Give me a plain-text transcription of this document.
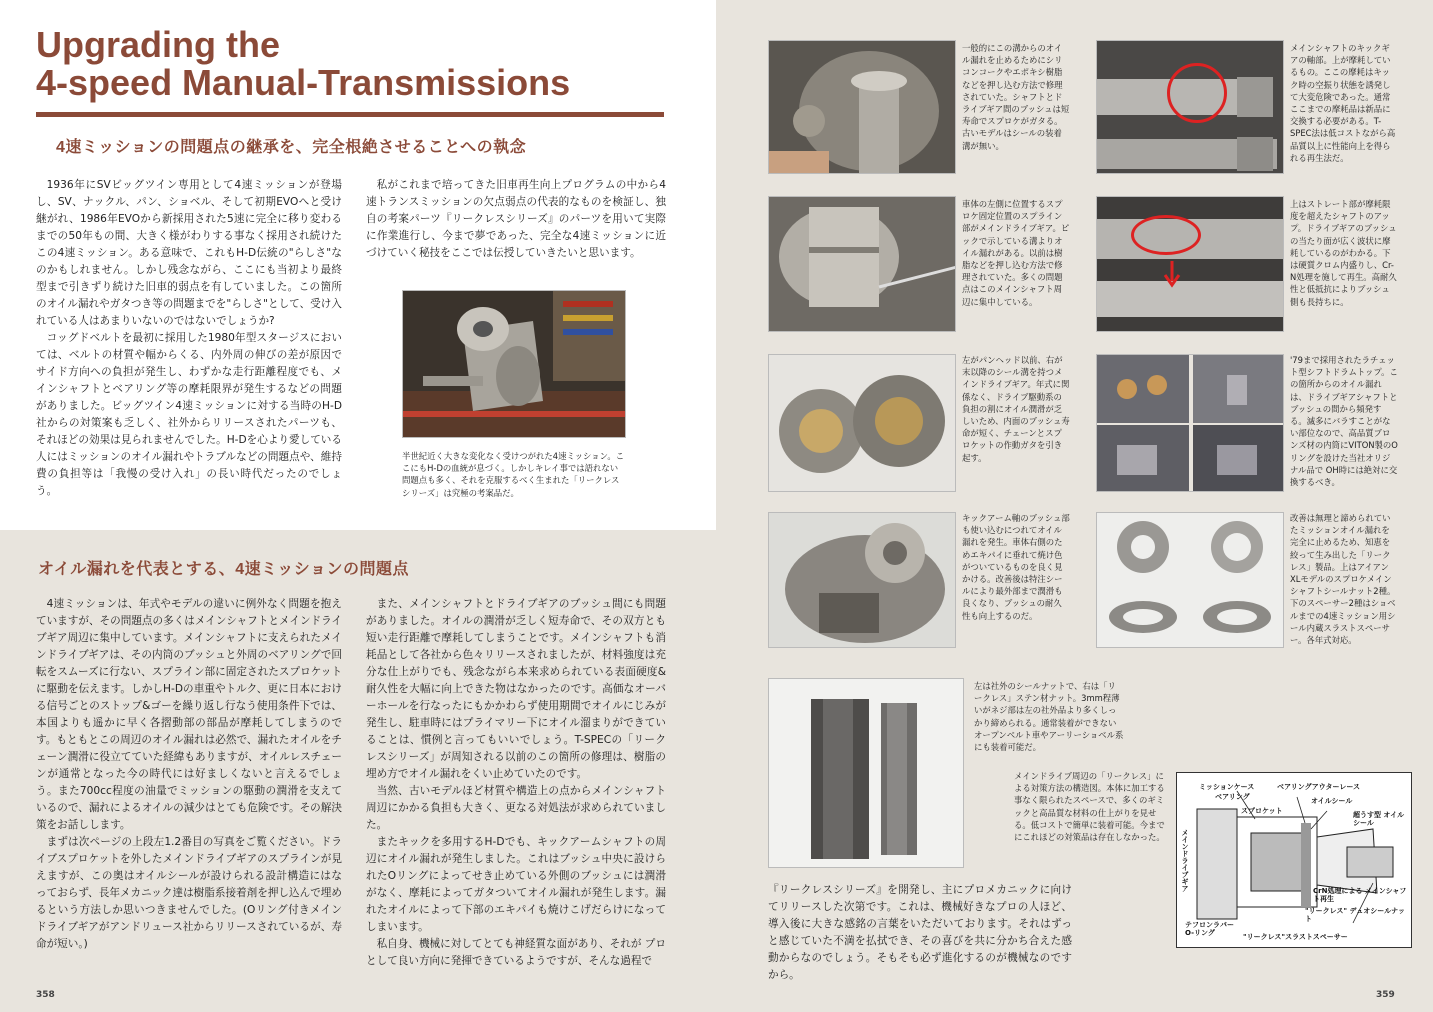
Upgrading the
4-speed Manual-Transmissions
4速ミッションの問題点の継承を、完全根絶させることへの執念

1936年にSVビッグツイン専用として4速ミッションが登場し、SV、ナックル、パン、ショベル、そして初期EVOへと受け継がれ、1986年EVOから新採用された5速に完全に移り変わるまでの50年もの間、大きく様がわりする事なく採用され続けたこの4速ミッション。ある意味で、これもH-D伝統の"らしさ"なのかもしれません。しかし残念ながら、ここにも当初より最終型まで引きずり続けた旧車的弱点を有していました。この箇所のオイル漏れやガタつき等の問題までを"らしさ"として、受け入れている人はあまりいないのではないでしょうか?

コッグドベルトを最初に採用した1980年型スタージスにおいては、ベルトの材質や幅からくる、内外周の伸びの差が原因でサイド方向への負担が発生し、わずかな走行距離程度でも、メインシャフトとベアリング等の摩耗限界が発生するなどの問題がありました。ビッグツイン4速ミッションに対する当時のH-D社からの対策案も乏しく、社外からリリースされたパーツも、それほどの効果は見られませんでした。H-Dを心より愛している人にはミッションのオイル漏れやトラブルなどの問題点や、維持費の負担等は「我慢の受け入れ」の長い時代だったのでしょう。

私がこれまで培ってきた旧車再生向上プログラムの中から4速トランスミッションの欠点弱点の代表的なものを検証し、独自の考案パーツ『リークレスシリーズ』のパーツを用いて実際に作業進行し、今まで夢であった、完全な4速ミッションに近づけていく秘技をここでは伝授していきたいと思います。

半世紀近く大きな変化なく受けつがれた4速ミッション。ここにもH-Dの血統が息づく。しかしキレイ事では語れない問題点も多く、それを克服するべく生まれた「リークレスシリーズ」は究極の考案品だ。
オイル漏れを代表とする、4速ミッションの問題点

4速ミッションは、年式やモデルの違いに例外なく問題を抱えていますが、その問題点の多くはメインシャフトとメインドライブギア周辺に集中しています。メインシャフトに支えられたメインドライブギアは、その内筒のブッシュと外周のベアリングで回転をスムーズに行ない、スプライン部に固定されたスプロケットに駆動を伝えます。しかしH-Dの車重やトルク、更に日本における信号ごとのストップ&ゴーを繰り返し行なう使用条件下では、本国よりも遥かに早く各摺動部の部品が摩耗してしまうのです。もともとこの周辺のオイル漏れは必然で、漏れたオイルをチェーン潤滑に役立てていた経緯もありますが、オイルレスチェーンが通常となった今の時代には好ましくないと言えるでしょう。また700cc程度の油量でミッションの駆動の潤滑を支えているので、漏れによるオイルの減少はとても危険です。その解決策をお話しします。

まずは次ページの上段左1.2番目の写真をご覧ください。ドライブスプロケットを外したメインドライブギアのスプラインが見えますが、この奥はオイルシールが設けられる設計構造にはなっておらず、長年メカニック達は樹脂系接着剤を押し込んで埋めるという方法しか思いつきませんでした。(Oリング付きメインドライブギアがアンドリュース社からリリースされているが、寿命が短い。)

また、メインシャフトとドライブギアのブッシュ間にも問題がありました。オイルの潤滑が乏しく短寿命で、その双方とも短い走行距離で摩耗してしまうことです。メインシャフトも消耗品として各社から色々リリースされましたが、材料強度は充分な仕上がりでも、残念ながら本来求められている表面硬度&耐久性を大幅に向上できた物はなかったのです。高価なオーバーホールを行なったにもかかわらず使用期間でオイルにじみが発生し、駐車時にはプライマリー下にオイル溜まりができていることは、慣例と言ってもいいでしょう。T-SPECの「リークレスシリーズ」が周知される以前のこの箇所の修理は、樹脂の埋め方でオイル漏れをくい止めていたのです。

当然、古いモデルほど材質や構造上の点からメインシャフト周辺にかかる負担も大きく、更なる対処法が求められていました。

またキックを多用するH-Dでも、キックアームシャフトの周辺にオイル漏れが発生しました。これはブッシュ中央に設けられたOリングによってせき止めている外側のブッシュには潤滑がなく、摩耗によってガタついてオイル漏れが発生します。漏れたオイルによって下部のエキパイも焼けこげだらけになってしまいます。

私自身、機械に対してとても神経質な面があり、それが プロとして良い方向に発揮できているようですが、そんな過程で

358
一般的にこの溝からのオイル漏れを止めるためにシリコンコークやエポキシ樹脂などを押し込む方法で修理されていた。シャフトとドライブギア間のブッシュは短寿命でスプロケがガタる。古いモデルはシールの装着溝が無い。
メインシャフトのキックギアの軸部。上が摩耗しているもの。ここの摩耗はキック時の空振り状態を誘発して大変危険であった。通常ここまでの摩耗品は新品に交換する必要がある。T-SPEC法は低コストながら高品質以上に性能向上を得られる再生法だ。
車体の左側に位置するスプロケ固定位置のスプライン部がメインドライブギア。ピックで示している溝よりオイル漏れがある。以前は樹脂などを押し込む方法で修理されていた。多くの問題点はこのメインシャフト周辺に集中している。
上はストレート部が摩耗限度を超えたシャフトのアップ。ドライブギアのブッシュの当たり面が広く波状に摩耗しているのがわかる。下は硬質クロム内盛りし、Cr-N処理を施して再生。高耐久性と低抵抗によりブッシュ側も長持ちに。
左がパンヘッド以前、右が末以降のシール溝を持つメインドライブギア。年式に関係なく、ドライブ駆動系の負担の割にオイル潤滑が乏しいため、内面のブッシュ寿命が短く、チェーンとスプロケットの作動ガタを引き起す。
'79まで採用されたラチェット型シフトドラムトップ。この箇所からのオイル漏れは、ドライブギアシャフトとブッシュの間から頻発する。滅多にバラすことがない部位なので、高品質ブロンズ材の内筒にVITON製のOリングを設けた当社オリジナル品で OH時には絶対に交換するべき。
キックアーム軸のブッシュ部も使い込むにつれてオイル漏れを発生。車体右側のためエキパイに垂れて焼け色がついているものを良く見かける。改善後は特注シールにより最外部まで潤滑も良くなり、ブッシュの耐久性も向上するのだ。
改善は無理と諦められていたミッションオイル漏れを完全に止めるため、知恵を絞って生み出した「リークレス」製品。上はアイアンXLモデルのスプロケメインシャフトシールナット2種。下のスペーサー2種はショベルまでの4速ミッション用シール内蔵スラストスペーサー。各年式対応。
左は社外のシールナットで、右は「リークレス」ステン材ナット。3mm程薄いがネジ部は左の社外品より多くしっかり締められる。通常装着ができないオープンベルト車やアーリーショベル系にも装着可能だ。
メインドライブ周辺の「リークレス」による対策方法の構造図。本体に加工する事なく限られたスペースで、多くのギミックと高品質な材料の仕上がりを見せる。低コストで簡単に装着可能。今までにこれほどの対策品は存在しなかった。
ミッションケース
ベアリング
ベアリングアウターレース
オイルシール
超うす型 オイルシール
スプロケット
メインドライブギア	CrN処理による メインシャフト再生
"リークレス" デュオシールナット
テフロンラバー O-リング	"リークレス"スラストスペーサー

『リークレスシリーズ』を開発し、主にプロメカニックに向けてリリースした次第です。これは、機械好きなプロの人ほど、導入後に大きな感銘の言葉をいただいております。それはずっと感じていた不満を払拭でき、その喜びを共に分かち合えた感動からなのでしょう。そもそも必ず進化するのが機械なのですから。

359
